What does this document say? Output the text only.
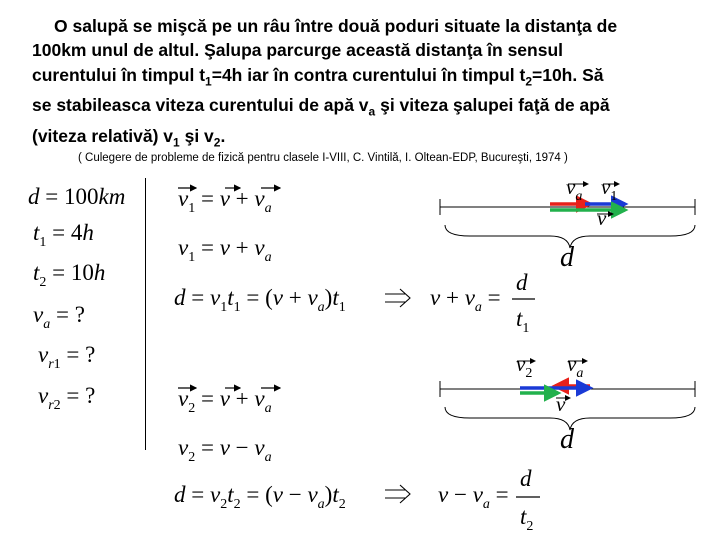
O salupă se mişcă pe un râu între două poduri situate la distanţa de
100km unul de altul. Şalupa parcurge această distanţa în sensul
curentului în timpul $t_1=4h$ iar în contra curentului în timpul $t_2=10h$. Să
se stabileasca viteza curentului de apă $v_a$ şi viteza şalupei faţă de apă
(viteza relativă) $v_1$ şi $v_2$.
( Culegere de probleme de fizică pentru clasele I-VIII, C. Vintilă, I. Oltean-EDP, Bucureşti, 1974 )
d = 100km
$t_1 = 4h$
$t_2 = 10h$
$v_a$ = ?
$v_{r1}$ = ?
$v_{r2}$ = ?
$v_1 = v + v_a$
$v_1 = v + v_a$
$d = v_1t_1 = (v + v_a)t_1$	$v + v_a$ =
d
$t_1$
$v_2 = v + v_a$
$v_2 = v - v_a$
$d = v_2t_2 = (v - v_a)t_2$	$v - v_a$ =
d
$t_2$
$v_a$ $v_1$
v
d
$v_2$ $v_a$
v
d
